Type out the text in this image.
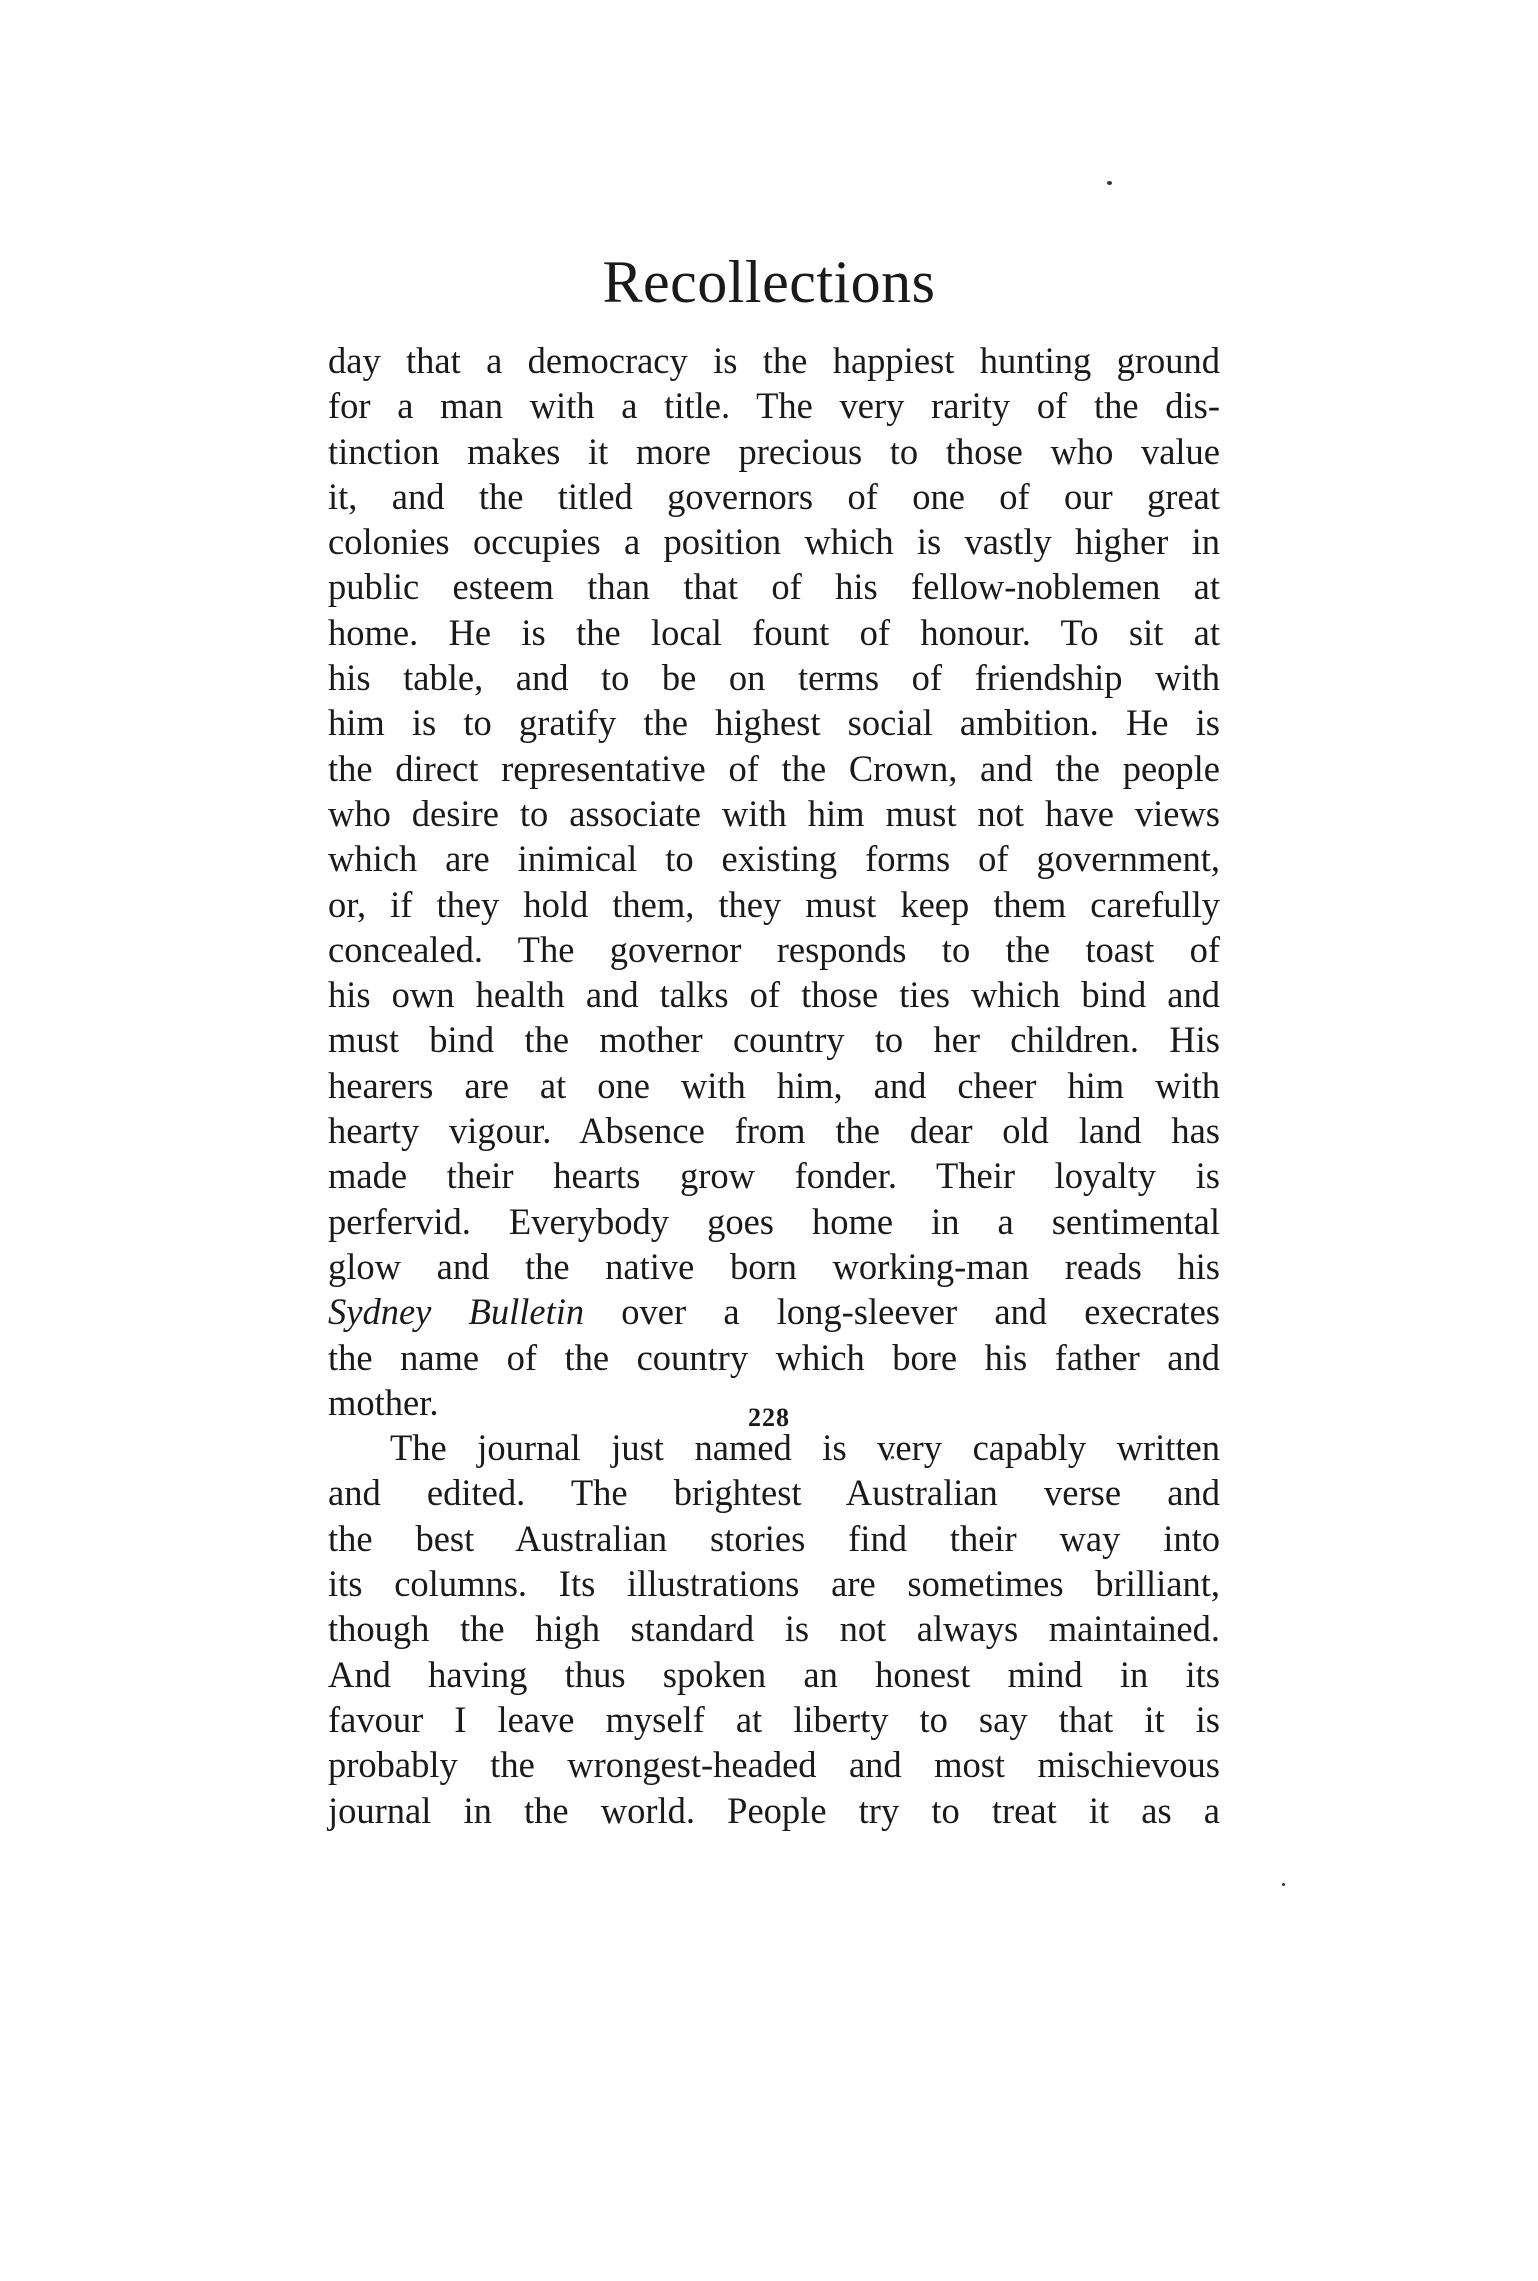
Recollections
day that a democracy is the happiest hunting ground
for a man with a title. The very rarity of the dis-
tinction makes it more precious to those who value
it, and the titled governors of one of our great
colonies occupies a position which is vastly higher in
public esteem than that of his fellow-noblemen at
home. He is the local fount of honour. To sit at
his table, and to be on terms of friendship with
him is to gratify the highest social ambition. He is
the direct representative of the Crown, and the people
who desire to associate with him must not have views
which are inimical to existing forms of government,
or, if they hold them, they must keep them carefully
concealed. The governor responds to the toast of
his own health and talks of those ties which bind and
must bind the mother country to her children. His
hearers are at one with him, and cheer him with
hearty vigour. Absence from the dear old land has
made their hearts grow fonder. Their loyalty is
perfervid. Everybody goes home in a sentimental
glow and the native born working-man reads his
Sydney Bulletin over a long-sleever and execrates
the name of the country which bore his father and
mother.
The journal just named is very capably written
and edited. The brightest Australian verse and
the best Australian stories find their way into
its columns. Its illustrations are sometimes brilliant,
though the high standard is not always maintained.
And having thus spoken an honest mind in its
favour I leave myself at liberty to say that it is
probably the wrongest-headed and most mischievous
journal in the world. People try to treat it as a
228
